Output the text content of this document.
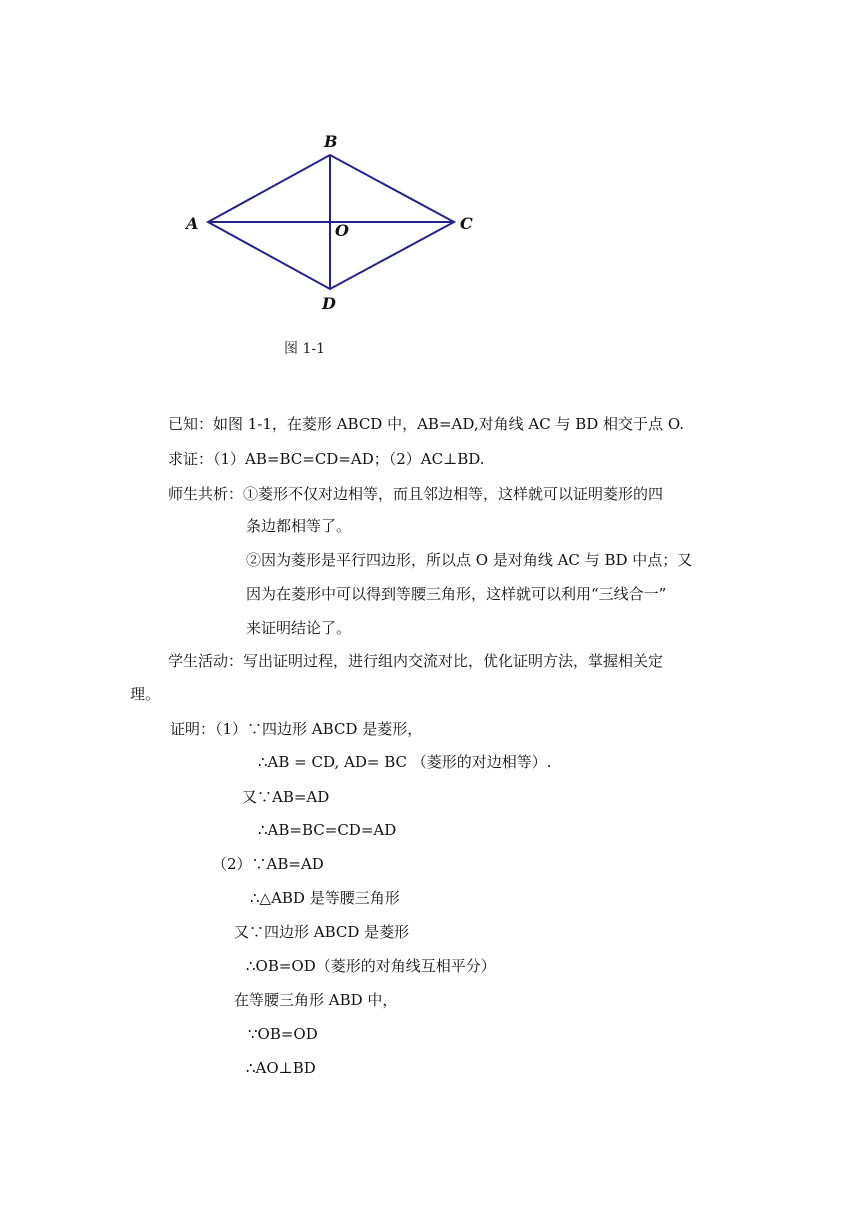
B
A	C
O
D
图 1-1
已知：如图 1-1，在菱形 ABCD 中，AB=AD,对角线 AC 与 BD 相交于点 O.
求证：（1）AB=BC=CD=AD；（2）AC⊥BD.
师生共析：①菱形不仅对边相等，而且邻边相等，这样就可以证明菱形的四
条边都相等了。
②因为菱形是平行四边形，所以点 O 是对角线 AC 与 BD 中点；又
因为在菱形中可以得到等腰三角形，这样就可以利用“三线合一”
来证明结论了。
学生活动：写出证明过程，进行组内交流对比，优化证明方法，掌握相关定
理。
证明：（1）∵四边形 ABCD 是菱形，
∴AB = CD, AD= BC （菱形的对边相等）.
又∵AB=AD
∴AB=BC=CD=AD
（2）∵AB=AD
∴△ABD 是等腰三角形
又∵四边形 ABCD 是菱形
∴OB=OD（菱形的对角线互相平分）
在等腰三角形 ABD 中，
∵OB=OD
∴AO⊥BD
